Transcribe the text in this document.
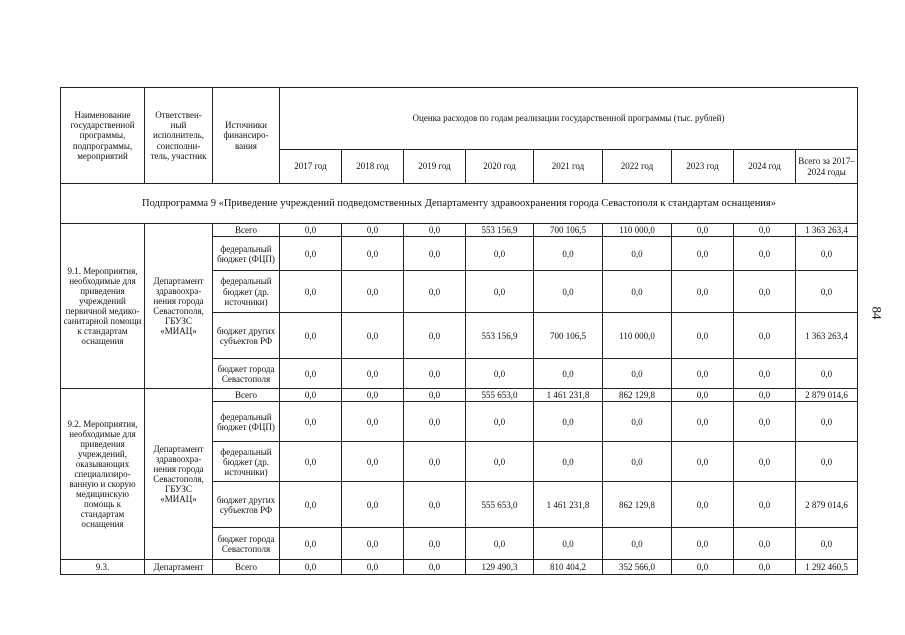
Наименование государственной программы, подпрограммы, мероприятий	Ответствен- ный исполнитель, соисполни- тель, участник	Источники финансиро- вания	Оценка расходов по годам реализации государственной программы (тыс. рублей)								
			2017 год	2018 год	2019 год	2020 год	2021 год	2022 год	2023 год	2024 год	Всего за 2017–2024 годы
Подпрограмма 9 «Приведение учреждений подведомственных Департаменту здравоохранения города Севастополя к стандартам оснащения»											
9.1. Мероприятия, необходимые для приведения учреждений первичной медико- санитарной помощи к стандартам оснащения	Департамент здравоохра- нения города Севастополя, ГБУЗС «МИАЦ»	Всего	0,0	0,0	0,0	553 156,9	700 106,5	110 000,0	0,0	0,0	1 363 263,4
		федеральный бюджет (ФЦП)	0,0	0,0	0,0	0,0	0,0	0,0	0,0	0,0	0,0
		федеральный бюджет (др. источники)	0,0	0,0	0,0	0,0	0,0	0,0	0,0	0,0	0,0
		бюджет других субъектов РФ	0,0	0,0	0,0	553 156,9	700 106,5	110 000,0	0,0	0,0	1 363 263,4
		бюджет города Севастополя	0,0	0,0	0,0	0,0	0,0	0,0	0,0	0,0	0,0
9.2. Мероприятия, необходимые для приведения учреждений, оказывающих специализиро- ванную и скорую медицинскую помощь к стандартам оснащения	Департамент здравоохра- нения города Севастополя, ГБУЗС «МИАЦ»	Всего	0,0	0,0	0,0	555 653,0	1 461 231,8	862 129,8	0,0	0,0	2 879 014,6
		федеральный бюджет (ФЦП)	0,0	0,0	0,0	0,0	0,0	0,0	0,0	0,0	0,0
		федеральный бюджет (др. источники)	0,0	0,0	0,0	0,0	0,0	0,0	0,0	0,0	0,0
		бюджет других субъектов РФ	0,0	0,0	0,0	555 653,0	1 461 231,8	862 129,8	0,0	0,0	2 879 014,6
		бюджет города Севастополя	0,0	0,0	0,0	0,0	0,0	0,0	0,0	0,0	0,0
9.3.	Департамент	Всего	0,0	0,0	0,0	129 490,3	810 404,2	352 566,0	0,0	0,0	1 292 460,5
84
